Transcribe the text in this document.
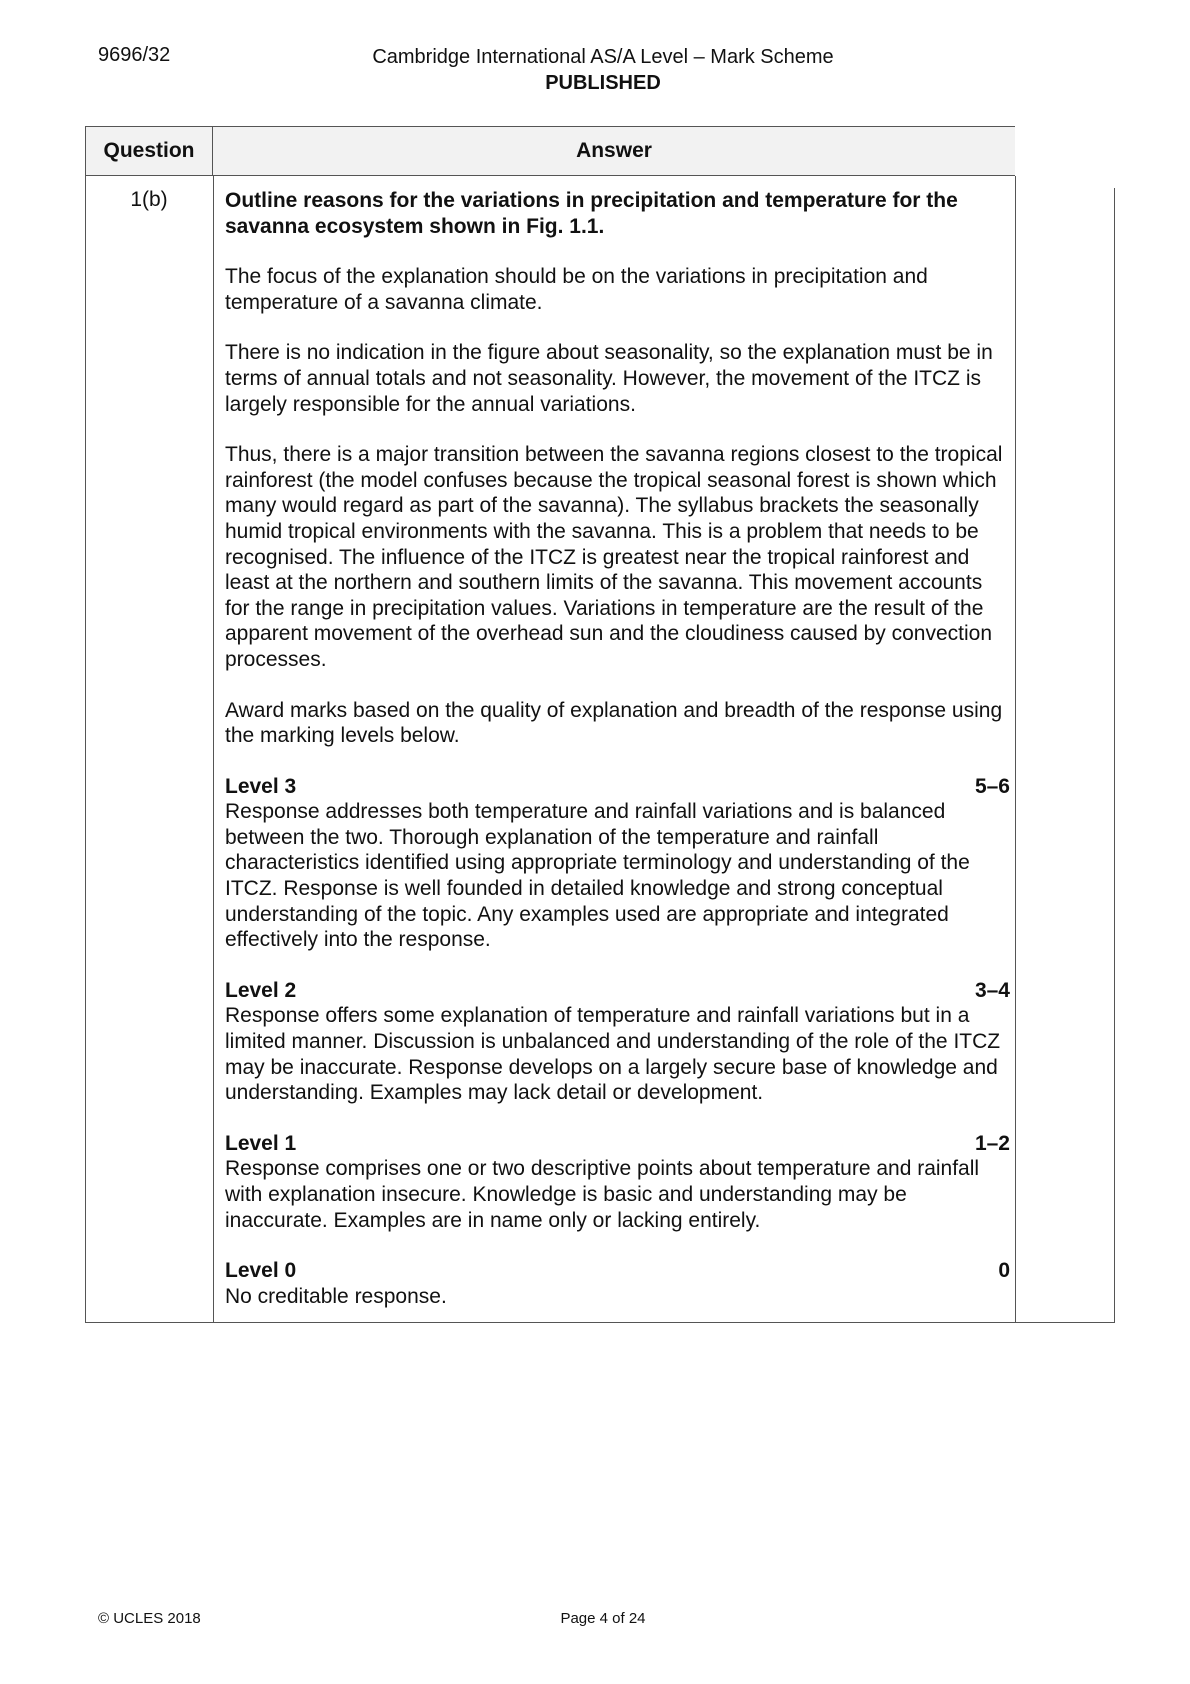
9696/32	Cambridge International AS/A Level – Mark Scheme
PUBLISHED
Question	Answer
1(b)	Outline reasons for the variations in precipitation and temperature for the savanna ecosystem shown in Fig. 1.1.

The focus of the explanation should be on the variations in precipitation and temperature of a savanna climate.

There is no indication in the figure about seasonality, so the explanation must be in terms of annual totals and not seasonality. However, the movement of the ITCZ is largely responsible for the annual variations.

Thus, there is a major transition between the savanna regions closest to the tropical rainforest (the model confuses because the tropical seasonal forest is shown which many would regard as part of the savanna). The syllabus brackets the seasonally humid tropical environments with the savanna. This is a problem that needs to be recognised. The influence of the ITCZ is greatest near the tropical rainforest and least at the northern and southern limits of the savanna. This movement accounts for the range in precipitation values. Variations in temperature are the result of the apparent movement of the overhead sun and the cloudiness caused by convection processes.

Award marks based on the quality of explanation and breadth of the response using the marking levels below.

Level 3	5–6
Response addresses both temperature and rainfall variations and is balanced between the two. Thorough explanation of the temperature and rainfall characteristics identified using appropriate terminology and understanding of the ITCZ. Response is well founded in detailed knowledge and strong conceptual understanding of the topic. Any examples used are appropriate and integrated effectively into the response.
Level 2	3–4
Response offers some explanation of temperature and rainfall variations but in a limited manner. Discussion is unbalanced and understanding of the role of the ITCZ may be inaccurate. Response develops on a largely secure base of knowledge and understanding. Examples may lack detail or development.
Level 1	1–2
Response comprises one or two descriptive points about temperature and rainfall with explanation insecure. Knowledge is basic and understanding may be inaccurate. Examples are in name only or lacking entirely.
Level 0	0
No creditable response.
© UCLES 2018	Page 4 of 24
